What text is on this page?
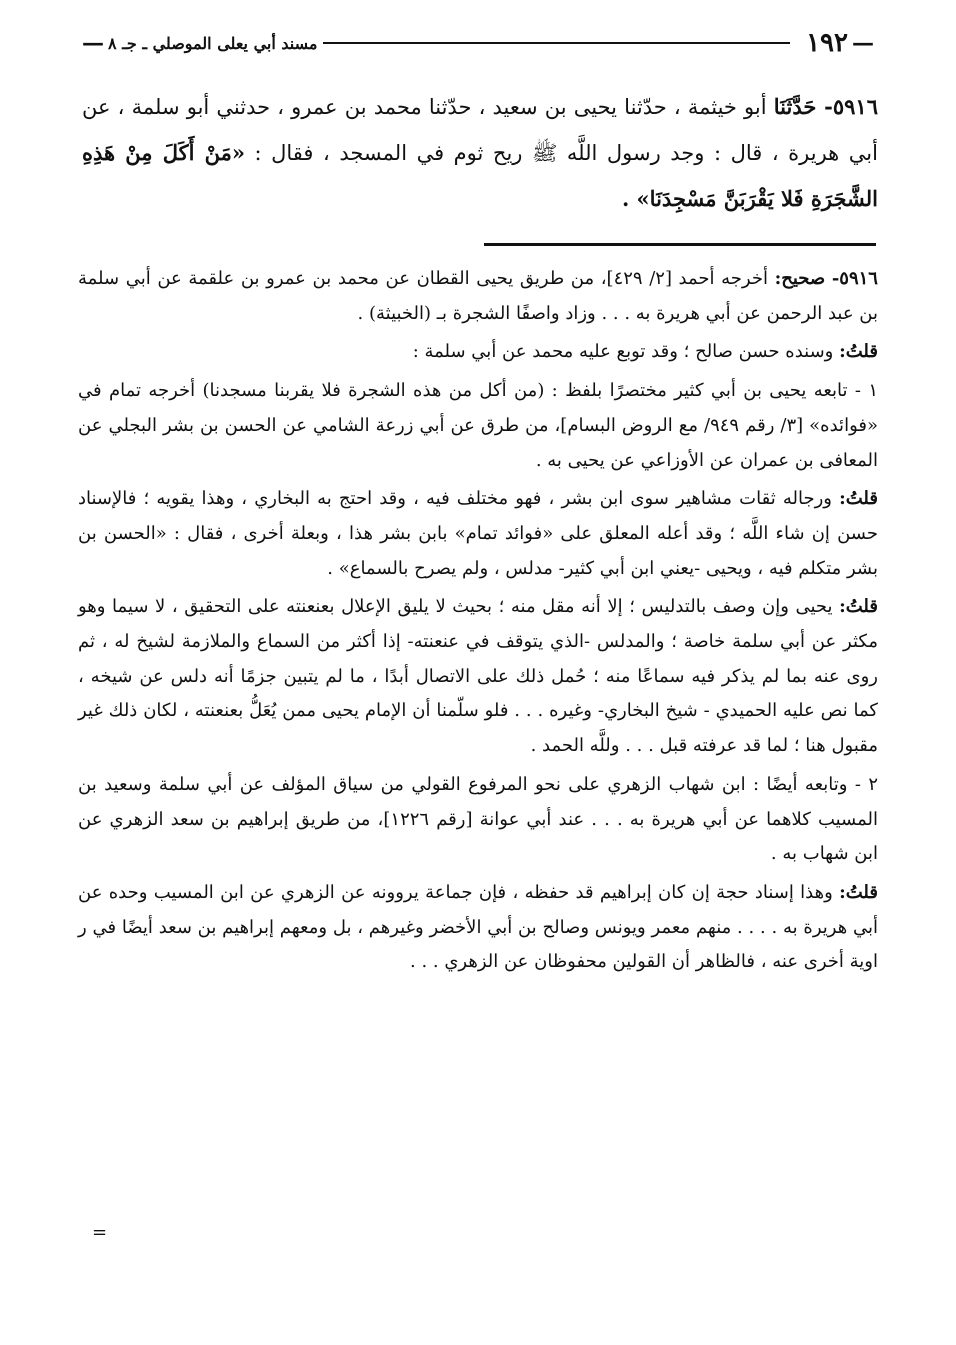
—
١٩٢
مسند أبي يعلى الموصلي ـ جـ ٨
—
٥٩١٦- حَدَّثَنَا أبو خيثمة ، حدّثنا يحيى بن سعيد ، حدّثنا محمد بن عمرو ، حدثني أبو سلمة ، عن أبي هريرة ، قال : وجد رسول اللَّه ﷺ ريح ثوم في المسجد ، فقال : «مَنْ أَكَلَ مِنْ هَذِهِ الشَّجَرَةِ فَلا يَقْرَبَنَّ مَسْجِدَنَا» .

٥٩١٦- صحيح: أخرجه أحمد [٢/ ٤٢٩]، من طريق يحيى القطان عن محمد بن عمرو بن علقمة عن أبي سلمة بن عبد الرحمن عن أبي هريرة به . . . وزاد واصفًا الشجرة بـ (الخبيثة) .

قلتُ: وسنده حسن صالح ؛ وقد توبع عليه محمد عن أبي سلمة :

١ - تابعه يحيى بن أبي كثير مختصرًا بلفظ : (من أكل من هذه الشجرة فلا يقربنا مسجدنا) أخرجه تمام في «فوائده» [٣/ رقم ٩٤٩/ مع الروض البسام]، من طرق عن أبي زرعة الشامي عن الحسن بن بشر البجلي عن المعافى بن عمران عن الأوزاعي عن يحيى به .

قلتُ: ورجاله ثقات مشاهير سوى ابن بشر ، فهو مختلف فيه ، وقد احتج به البخاري ، وهذا يقويه ؛ فالإسناد حسن إن شاء اللَّه ؛ وقد أعله المعلق على «فوائد تمام» بابن بشر هذا ، وبعلة أخرى ، فقال : «الحسن بن بشر متكلم فيه ، ويحيى -يعني ابن أبي كثير- مدلس ، ولم يصرح بالسماع» .

قلتُ: يحيى وإن وصف بالتدليس ؛ إلا أنه مقل منه ؛ بحيث لا يليق الإعلال بعنعنته على التحقيق ، لا سيما وهو مكثر عن أبي سلمة خاصة ؛ والمدلس -الذي يتوقف في عنعنته- إذا أكثر من السماع والملازمة لشيخ له ، ثم روى عنه بما لم يذكر فيه سماعًا منه ؛ حُمل ذلك على الاتصال أبدًا ، ما لم يتبين جزمًا أنه دلس عن شيخه ، كما نص عليه الحميدي - شيخ البخاري- وغيره . . . فلو سلّمنا أن الإمام يحيى ممن يُعَلُّ بعنعنته ، لكان ذلك غير مقبول هنا ؛ لما قد عرفته قبل . . . وللَّه الحمد .

٢ - وتابعه أيضًا : ابن شهاب الزهري على نحو المرفوع القولي من سياق المؤلف عن أبي سلمة وسعيد بن المسيب كلاهما عن أبي هريرة به . . . عند أبي عوانة [رقم ١٢٢٦]، من طريق إبراهيم بن سعد الزهري عن ابن شهاب به .

قلتُ: وهذا إسناد حجة إن كان إبراهيم قد حفظه ، فإن جماعة يروونه عن الزهري عن ابن المسيب وحده عن أبي هريرة به . . . . منهم معمر ويونس وصالح بن أبي الأخضر وغيرهم ، بل ومعهم إبراهيم بن سعد أيضًا في ر اوية أخرى عنه ، فالظاهر أن القولين محفوظان عن الزهري . . .

=
